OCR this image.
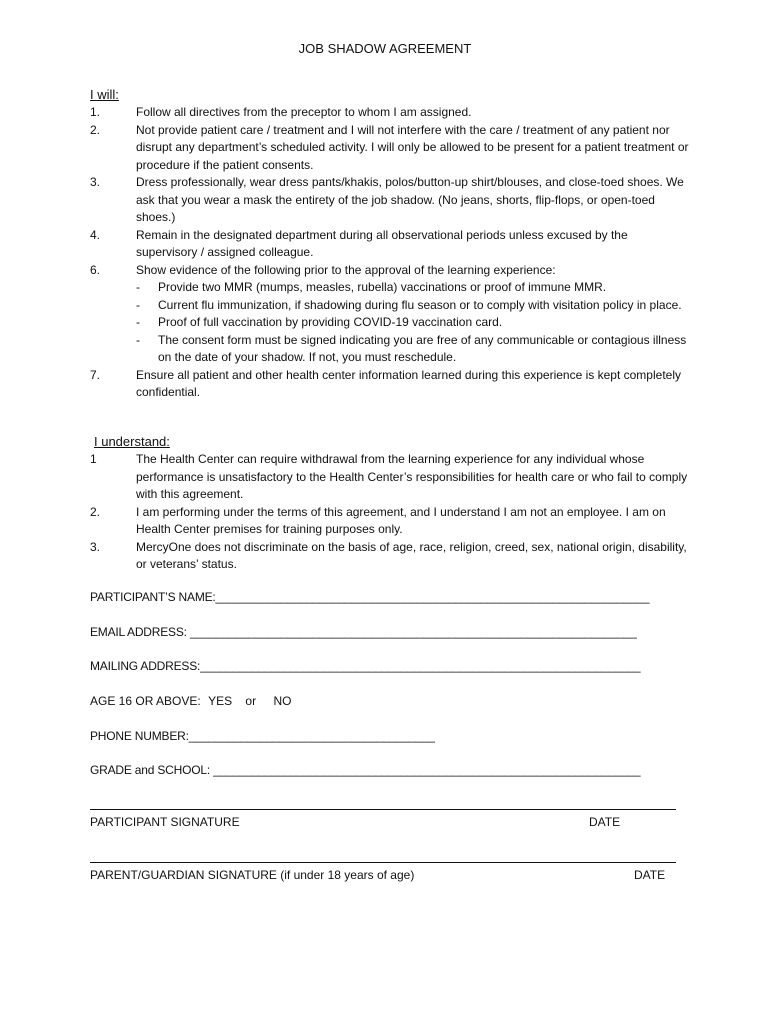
JOB SHADOW AGREEMENT
I will:
1.	Follow all directives from the preceptor to whom I am assigned.
2.	Not provide patient care / treatment and I will not interfere with the care / treatment of any patient nor disrupt any department’s scheduled activity. I will only be allowed to be present for a patient treatment or procedure if the patient consents.
3.	Dress professionally, wear dress pants/khakis, polos/button-up shirt/blouses, and close-toed shoes. We ask that you wear a mask the entirety of the job shadow. (No jeans, shorts, flip-flops, or open-toed shoes.)
4.	Remain in the designated department during all observational periods unless excused by the supervisory / assigned colleague.
6.	Show evidence of the following prior to the approval of the learning experience:
- Provide two MMR (mumps, measles, rubella) vaccinations or proof of immune MMR.
- Current flu immunization, if shadowing during flu season or to comply with visitation policy in place.
- Proof of full vaccination by providing COVID-19 vaccination card.
- The consent form must be signed indicating you are free of any communicable or contagious illness on the date of your shadow. If not, you must reschedule.
7.	Ensure all patient and other health center information learned during this experience is kept completely confidential.
I understand:
1	The Health Center can require withdrawal from the learning experience for any individual whose performance is unsatisfactory to the Health Center’s responsibilities for health care or who fail to comply with this agreement.
2.	I am performing under the terms of this agreement, and I understand I am not an employee. I am on Health Center premises for training purposes only.
3.	MercyOne does not discriminate on the basis of age, race, religion, creed, sex, national origin, disability, or veterans’ status.
PARTICIPANT’S NAME:___________________________________________________________________
EMAIL ADDRESS: _____________________________________________________________________
MAILING ADDRESS:____________________________________________________________________
AGE 16 OR ABOVE: YES or NO
PHONE NUMBER:______________________________________
GRADE and SCHOOL: __________________________________________________________________
PARTICIPANT SIGNATURE	DATE
PARENT/GUARDIAN SIGNATURE (if under 18 years of age)	DATE
